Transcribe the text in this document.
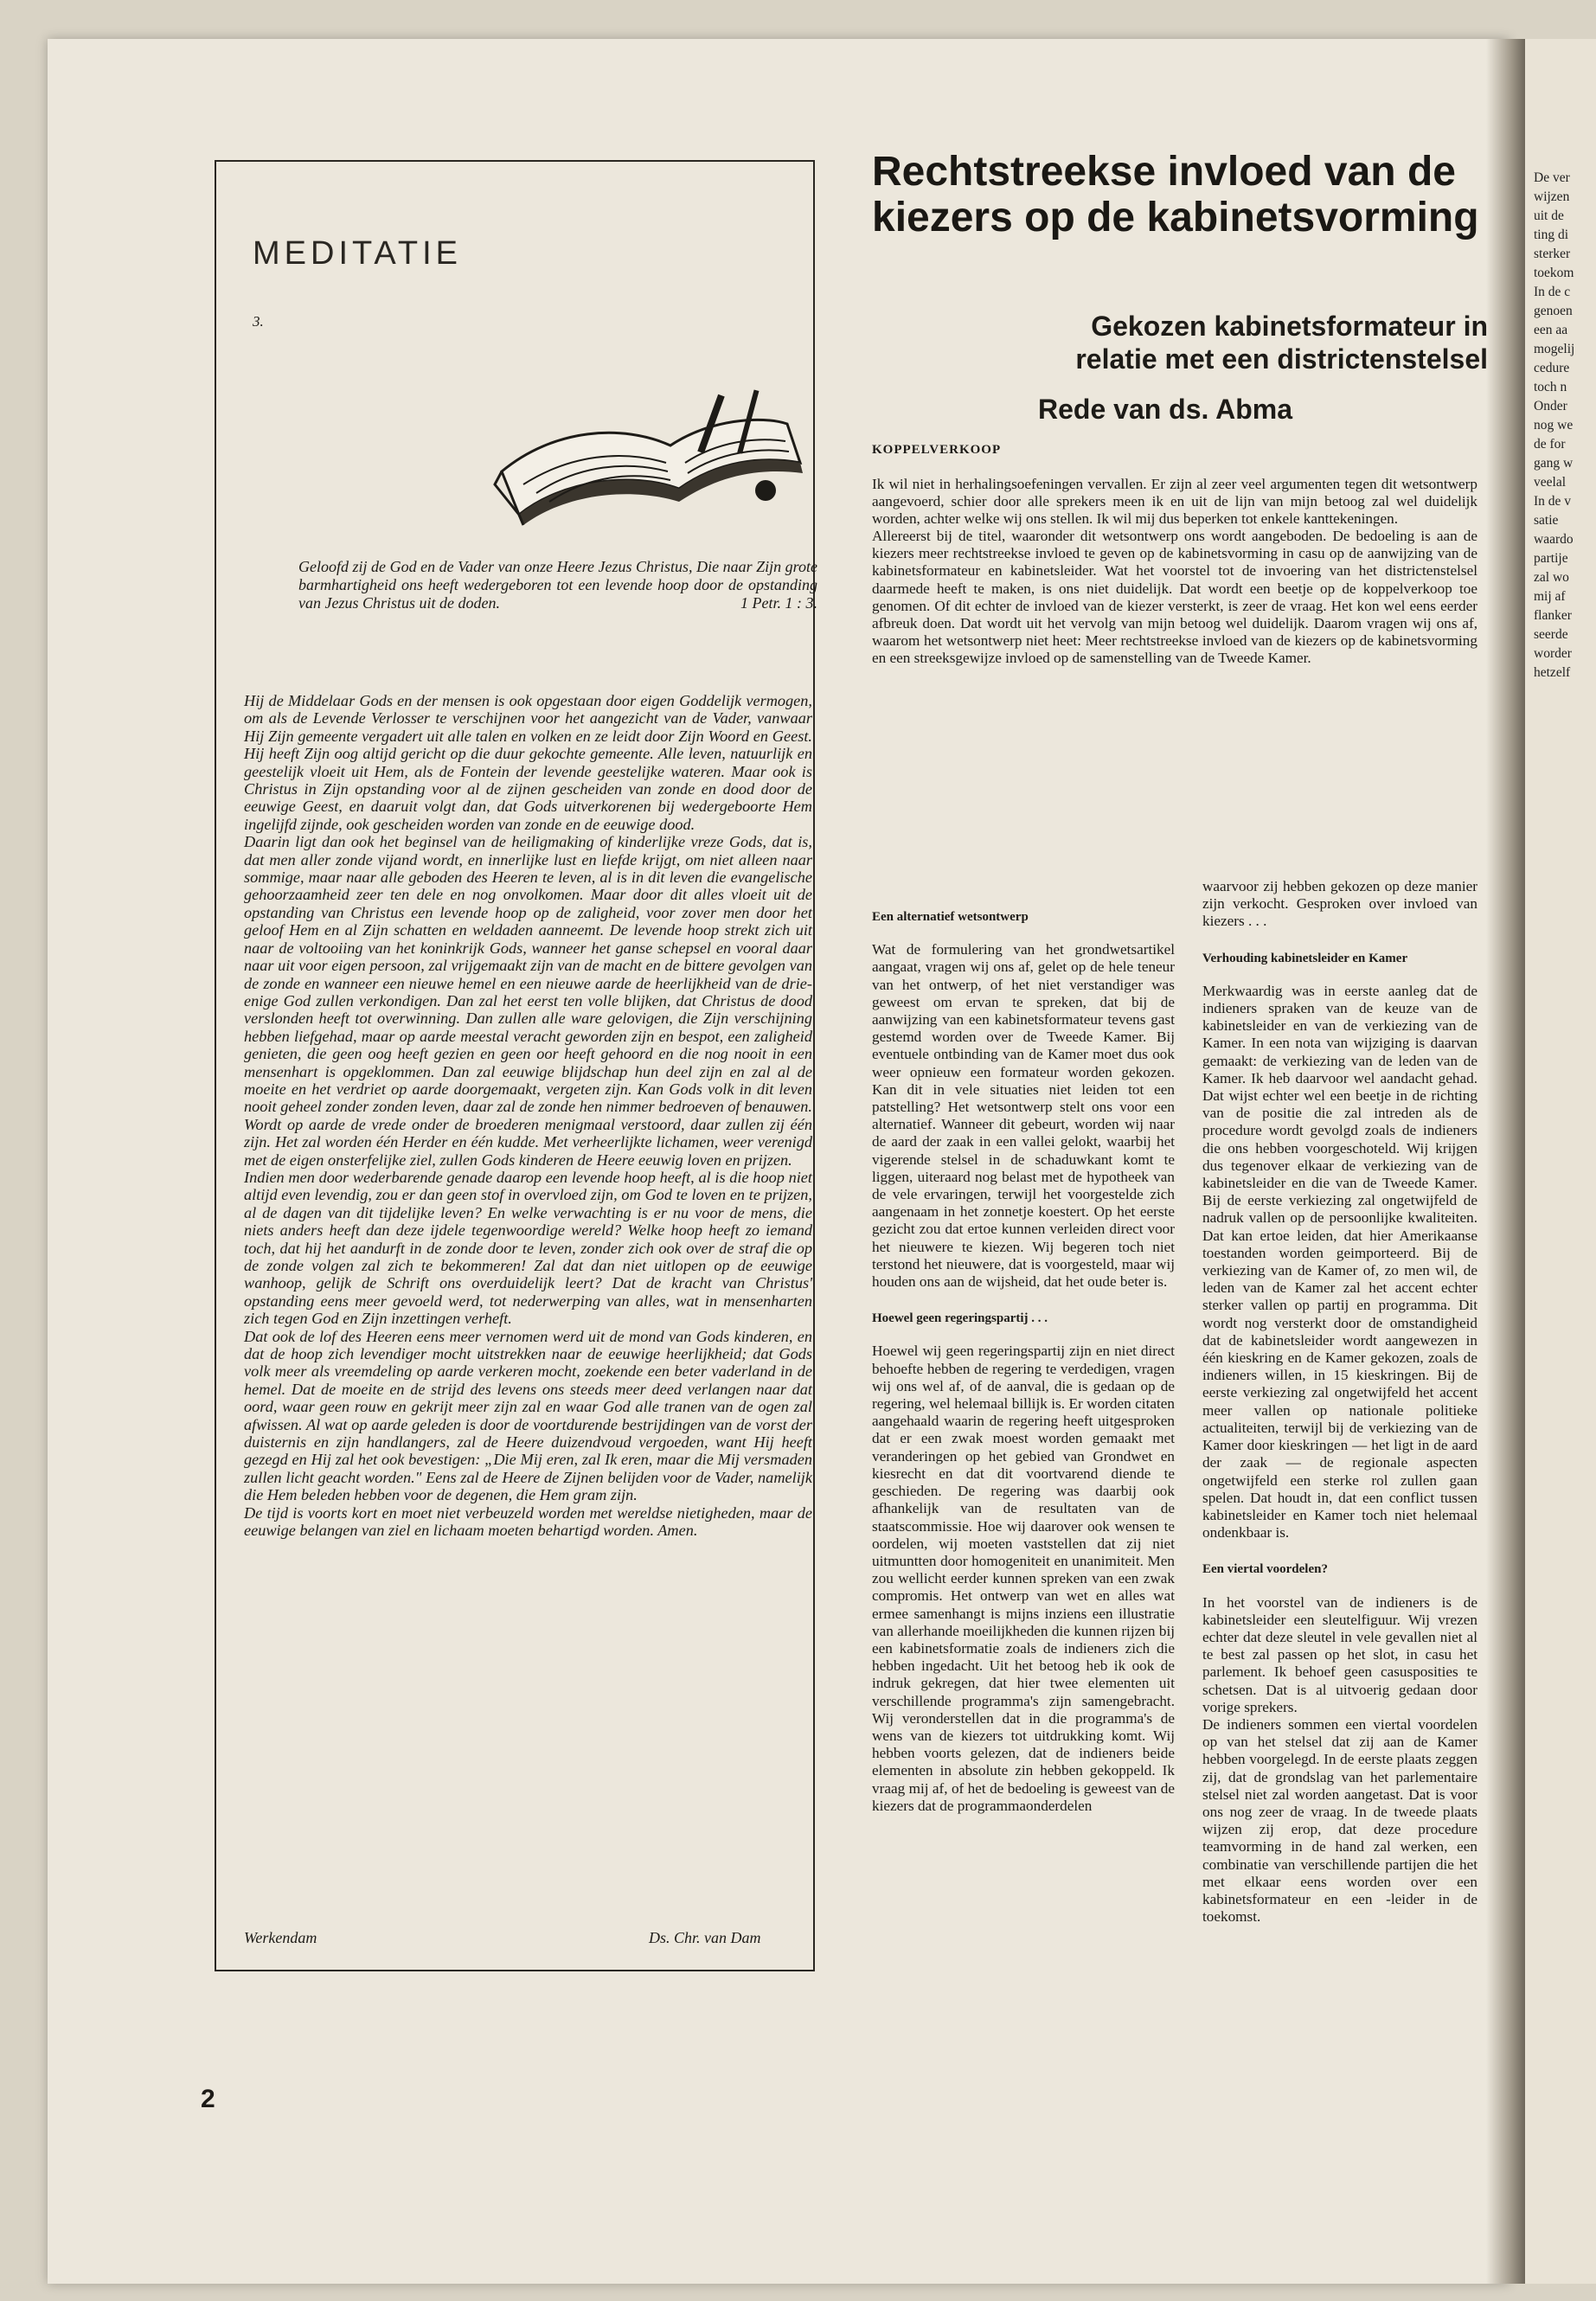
De ver
wijzen
uit de
ting di
sterker
toekom
In de c
genoen
een aa
mogelij
cedure
toch n
Onder
nog we
de for
gang w
veelal
In de v
satie
waardo
partije
zal wo
mij af
flanker
seerde
worder
hetzelf
MEDITATIE
3.

Geloofd zij de God en de Vader van onze Heere Jezus Christus, Die naar Zijn grote barmhartigheid ons heeft wedergeboren tot een levende hoop door de opstanding van Jezus Christus uit de doden.	1 Petr. 1 : 3.

Hij de Middelaar Gods en der mensen is ook opgestaan door eigen Goddelijk vermogen, om als de Levende Verlosser te verschijnen voor het aangezicht van de Vader, vanwaar Hij Zijn gemeente vergadert uit alle talen en volken en ze leidt door Zijn Woord en Geest. Hij heeft Zijn oog altijd gericht op die duur gekochte gemeente. Alle leven, natuurlijk en geestelijk vloeit uit Hem, als de Fontein der levende geestelijke wateren. Maar ook is Christus in Zijn opstanding voor al de zijnen gescheiden van zonde en dood door de eeuwige Geest, en daaruit volgt dan, dat Gods uitverkorenen bij wedergeboorte Hem ingelijfd zijnde, ook gescheiden worden van zonde en de eeuwige dood.

Daarin ligt dan ook het beginsel van de heiligmaking of kinderlijke vreze Gods, dat is, dat men aller zonde vijand wordt, en innerlijke lust en liefde krijgt, om niet alleen naar sommige, maar naar alle geboden des Heeren te leven, al is in dit leven die evangelische gehoorzaamheid zeer ten dele en nog onvolkomen. Maar door dit alles vloeit uit de opstanding van Christus een levende hoop op de zaligheid, voor zover men door het geloof Hem en al Zijn schatten en weldaden aanneemt. De levende hoop strekt zich uit naar de voltooiing van het koninkrijk Gods, wanneer het ganse schepsel en vooral daar naar uit voor eigen persoon, zal vrijgemaakt zijn van de macht en de bittere gevolgen van de zonde en wanneer een nieuwe hemel en een nieuwe aarde de heerlijkheid van de drie-enige God zullen verkondigen. Dan zal het eerst ten volle blijken, dat Christus de dood verslonden heeft tot overwinning. Dan zullen alle ware gelovigen, die Zijn verschijning hebben liefgehad, maar op aarde meestal veracht geworden zijn en bespot, een zaligheid genieten, die geen oog heeft gezien en geen oor heeft gehoord en die nog nooit in een mensenhart is opgeklommen. Dan zal eeuwige blijdschap hun deel zijn en zal al de moeite en het verdriet op aarde doorgemaakt, vergeten zijn. Kan Gods volk in dit leven nooit geheel zonder zonden leven, daar zal de zonde hen nimmer bedroeven of benauwen. Wordt op aarde de vrede onder de broederen menigmaal verstoord, daar zullen zij één zijn. Het zal worden één Herder en één kudde. Met verheerlijkte lichamen, weer verenigd met de eigen onsterfelijke ziel, zullen Gods kinderen de Heere eeuwig loven en prijzen.

Indien men door wederbarende genade daarop een levende hoop heeft, al is die hoop niet altijd even levendig, zou er dan geen stof in overvloed zijn, om God te loven en te prijzen, al de dagen van dit tijdelijke leven? En welke verwachting is er nu voor de mens, die niets anders heeft dan deze ijdele tegenwoordige wereld? Welke hoop heeft zo iemand toch, dat hij het aandurft in de zonde door te leven, zonder zich ook over de straf die op de zonde volgen zal zich te bekommeren! Zal dat dan niet uitlopen op de eeuwige wanhoop, gelijk de Schrift ons overduidelijk leert? Dat de kracht van Christus' opstanding eens meer gevoeld werd, tot nederwerping van alles, wat in mensenharten zich tegen God en Zijn inzettingen verheft.

Dat ook de lof des Heeren eens meer vernomen werd uit de mond van Gods kinderen, en dat de hoop zich levendiger mocht uitstrekken naar de eeuwige heerlijkheid; dat Gods volk meer als vreemdeling op aarde verkeren mocht, zoekende een beter vaderland in de hemel. Dat de moeite en de strijd des levens ons steeds meer deed verlangen naar dat oord, waar geen rouw en gekrijt meer zijn zal en waar God alle tranen van de ogen zal afwissen. Al wat op aarde geleden is door de voortdurende bestrijdingen van de vorst der duisternis en zijn handlangers, zal de Heere duizendvoud vergoeden, want Hij heeft gezegd en Hij zal het ook bevestigen: „Die Mij eren, zal Ik eren, maar die Mij versmaden zullen licht geacht worden." Eens zal de Heere de Zijnen belijden voor de Vader, namelijk die Hem beleden hebben voor de degenen, die Hem gram zijn.

De tijd is voorts kort en moet niet verbeuzeld worden met wereldse nietigheden, maar de eeuwige belangen van ziel en lichaam moeten behartigd worden. Amen.

Werkendam	Ds. Chr. van Dam
2
Rechtstreekse invloed van de kiezers op de kabinetsvorming
Gekozen kabinetsformateur in relatie met een districtenstelsel
Rede van ds. Abma
KOPPELVERKOOP

Ik wil niet in herhalingsoefeningen vervallen. Er zijn al zeer veel argumenten tegen dit wetsontwerp aangevoerd, schier door alle sprekers meen ik en uit de lijn van mijn betoog zal wel duidelijk worden, achter welke wij ons stellen. Ik wil mij dus beperken tot enkele kanttekeningen.

Allereerst bij de titel, waaronder dit wetsontwerp ons wordt aangeboden. De bedoeling is aan de kiezers meer rechtstreekse invloed te geven op de kabinetsvorming in casu op de aanwijzing van de kabinetsformateur en kabinetsleider. Wat het voorstel tot de invoering van het districtenstelsel daarmede heeft te maken, is ons niet duidelijk. Dat wordt een beetje op de koppelverkoop toe genomen. Of dit echter de invloed van de kiezer versterkt, is zeer de vraag. Het kon wel eens eerder afbreuk doen. Dat wordt uit het vervolg van mijn betoog wel duidelijk. Daarom vragen wij ons af, waarom het wetsontwerp niet heet: Meer rechtstreekse invloed van de kiezers op de kabinetsvorming en een streeksgewijze invloed op de samenstelling van de Tweede Kamer.

Een alternatief wetsontwerp

Wat de formulering van het grondwetsartikel aangaat, vragen wij ons af, gelet op de hele teneur van het ontwerp, of het niet verstandiger was geweest om ervan te spreken, dat bij de aanwijzing van een kabinetsformateur tevens gast gestemd worden over de Tweede Kamer. Bij eventuele ontbinding van de Kamer moet dus ook weer opnieuw een formateur worden gekozen. Kan dit in vele situaties niet leiden tot een patstelling? Het wetsontwerp stelt ons voor een alternatief. Wanneer dit gebeurt, worden wij naar de aard der zaak in een vallei gelokt, waarbij het vigerende stelsel in de schaduwkant komt te liggen, uiteraard nog belast met de hypotheek van de vele ervaringen, terwijl het voorgestelde zich aangenaam in het zonnetje koestert. Op het eerste gezicht zou dat ertoe kunnen verleiden direct voor het nieuwere te kiezen. Wij begeren toch niet terstond het nieuwere, dat is voorgesteld, maar wij houden ons aan de wijsheid, dat het oude beter is.

Hoewel geen regeringspartij . . .

Hoewel wij geen regeringspartij zijn en niet direct behoefte hebben de regering te verdedigen, vragen wij ons wel af, of de aanval, die is gedaan op de regering, wel helemaal billijk is. Er worden citaten aangehaald waarin de regering heeft uitgesproken dat er een zwak moest worden gemaakt met veranderingen op het gebied van Grondwet en kiesrecht en dat dit voortvarend diende te geschieden. De regering was daarbij ook afhankelijk van de resultaten van de staatscommissie. Hoe wij daarover ook wensen te oordelen, wij moeten vaststellen dat zij niet uitmuntten door homogeniteit en unanimiteit. Men zou wellicht eerder kunnen spreken van een zwak compromis. Het ontwerp van wet en alles wat ermee samenhangt is mijns inziens een illustratie van allerhande moeilijkheden die kunnen rijzen bij een kabinetsformatie zoals de indieners zich die hebben ingedacht. Uit het betoog heb ik ook de indruk gekregen, dat hier twee elementen uit verschillende programma's zijn samengebracht. Wij veronderstellen dat in die programma's de wens van de kiezers tot uitdrukking komt. Wij hebben voorts gelezen, dat de indieners beide elementen in absolute zin hebben gekoppeld. Ik vraag mij af, of het de bedoeling is geweest van de kiezers dat de programmaonderdelen

waarvoor zij hebben gekozen op deze manier zijn verkocht. Gesproken over invloed van kiezers . . .

Verhouding kabinetsleider en Kamer

Merkwaardig was in eerste aanleg dat de indieners spraken van de keuze van de kabinetsleider en van de verkiezing van de Kamer. In een nota van wijziging is daarvan gemaakt: de verkiezing van de leden van de Kamer. Ik heb daarvoor wel aandacht gehad. Dat wijst echter wel een beetje in de richting van de positie die zal intreden als de procedure wordt gevolgd zoals de indieners die ons hebben voorgeschoteld. Wij krijgen dus tegenover elkaar de verkiezing van de kabinetsleider en die van de Tweede Kamer. Bij de eerste verkiezing zal ongetwijfeld de nadruk vallen op de persoonlijke kwaliteiten. Dat kan ertoe leiden, dat hier Amerikaanse toestanden worden geimporteerd. Bij de verkiezing van de Kamer of, zo men wil, de leden van de Kamer zal het accent echter sterker vallen op partij en programma. Dit wordt nog versterkt door de omstandigheid dat de kabinetsleider wordt aangewezen in één kieskring en de Kamer gekozen, zoals de indieners willen, in 15 kieskringen. Bij de eerste verkiezing zal ongetwijfeld het accent meer vallen op nationale politieke actualiteiten, terwijl bij de verkiezing van de Kamer door kieskringen — het ligt in de aard der zaak — de regionale aspecten ongetwijfeld een sterke rol zullen gaan spelen. Dat houdt in, dat een conflict tussen kabinetsleider en Kamer toch niet helemaal ondenkbaar is.

Een viertal voordelen?

In het voorstel van de indieners is de kabinetsleider een sleutelfiguur. Wij vrezen echter dat deze sleutel in vele gevallen niet al te best zal passen op het slot, in casu het parlement. Ik behoef geen casusposities te schetsen. Dat is al uitvoerig gedaan door vorige sprekers.
De indieners sommen een viertal voordelen op van het stelsel dat zij aan de Kamer hebben voorgelegd. In de eerste plaats zeggen zij, dat de grondslag van het parlementaire stelsel niet zal worden aangetast. Dat is voor ons nog zeer de vraag. In de tweede plaats wijzen zij erop, dat deze procedure teamvorming in de hand zal werken, een combinatie van verschillende partijen die het met elkaar eens worden over een kabinetsformateur en een -leider in de toekomst.
